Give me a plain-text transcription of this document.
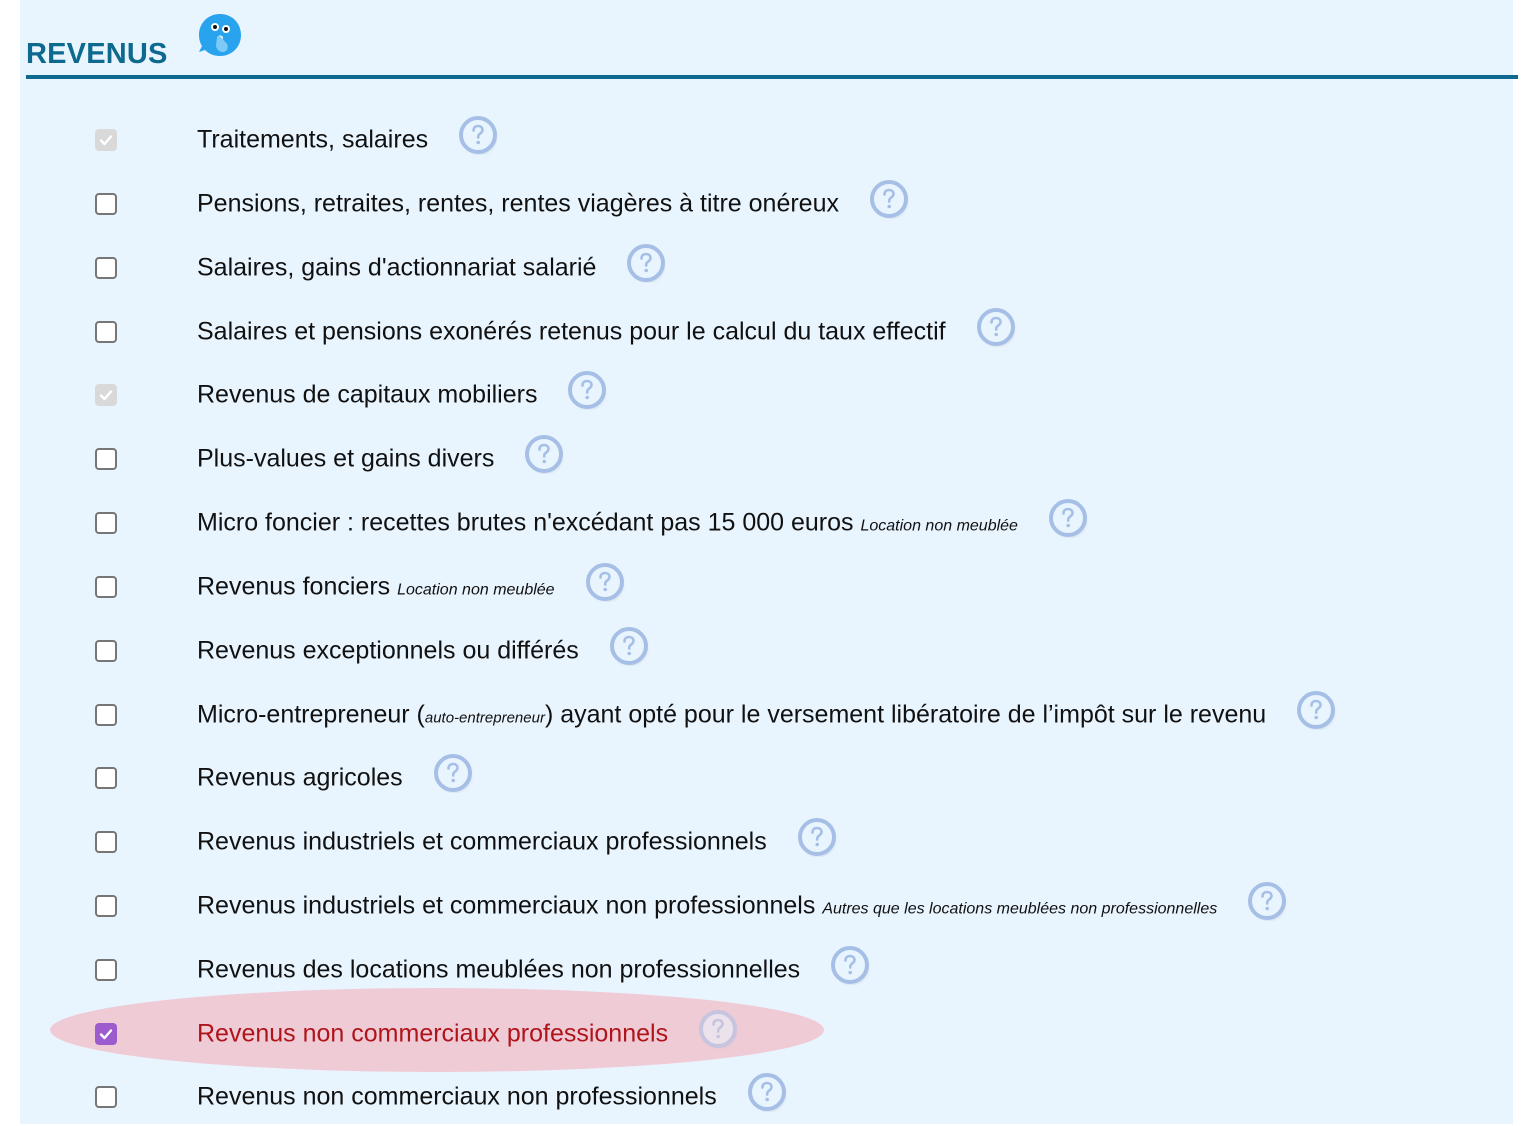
REVENUS
Traitements, salaires
Pensions, retraites, rentes, rentes viagères à titre onéreux
Salaires, gains d'actionnariat salarié
Salaires et pensions exonérés retenus pour le calcul du taux effectif
Revenus de capitaux mobiliers
Plus-values et gains divers
Micro foncier : recettes brutes n'excédant pas 15 000 euros Location non meublée
Revenus fonciers Location non meublée
Revenus exceptionnels ou différés
Micro-entrepreneur (auto-entrepreneur) ayant opté pour le versement libératoire de l’impôt sur le revenu
Revenus agricoles
Revenus industriels et commerciaux professionnels
Revenus industriels et commerciaux non professionnels Autres que les locations meublées non professionnelles
Revenus des locations meublées non professionnelles
Revenus non commerciaux professionnels
Revenus non commerciaux non professionnels
